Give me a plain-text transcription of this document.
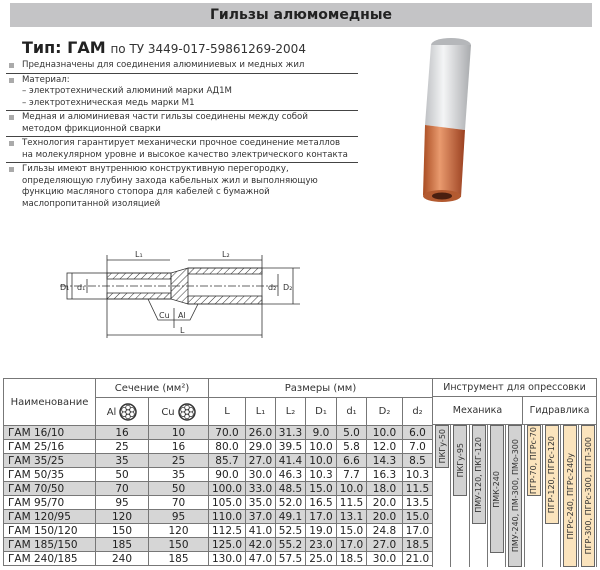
Гильзы алюмомедные
Тип: ГАМ по ТУ 3449-017-59861269-2004
Предназначены для соединения алюминиевых и медных жил
Материал:
– электротехнический алюминий марки АД1М
– электротехническая медь марки М1
Медная и алюминиевая части гильзы соединены между собой
методом фрикционной сварки
Технология гарантирует механически прочное соединение металлов
на молекулярном уровне и высокое качество электрического контакта
Гильзы имеют внутреннюю конструктивную перегородку,
определяющую глубину захода кабельных жил и выполняющую
функцию масляного стопора для кабелей с бумажной
маслопропитанной изоляцией
L₁	L₂
L
D₁ d₁	d₂ D₂
Cu Al
Наименование	Сечение (мм²)		Размеры (мм)						
	Al	Cu	L	L₁	L₂	D₁	d₁	D₂	d₂
ГАМ 16/10	16	10	70.0	26.0	31.3	9.0	5.0	10.0	6.0
ГАМ 25/16	25	16	80.0	29.0	39.5	10.0	5.8	12.0	7.0
ГАМ 35/25	35	25	85.7	27.0	41.4	10.0	6.6	14.3	8.5
ГАМ 50/35	50	35	90.0	30.0	46.3	10.3	7.7	16.3	10.3
ГАМ 70/50	70	50	100.0	33.0	48.5	15.0	10.0	18.0	11.5
ГАМ 95/70	95	70	105.0	35.0	52.0	16.5	11.5	20.0	13.5
ГАМ 120/95	120	95	110.0	37.0	49.1	17.0	13.1	20.0	15.0
ГАМ 150/120	150	120	112.5	41.0	52.5	19.0	15.0	24.8	17.0
ГАМ 185/150	185	150	125.0	42.0	55.2	23.0	17.0	27.0	18.5
ГАМ 240/185	240	185	130.0	47.0	57.5	25.0	18.5	30.0	21.0
Инструмент для опрессовки
Механика	Гидравлика
ПКГу-50 ПКГу-95 ПМУ-120, ПКГ-120 ПМК-240 ПМУ-240, ПМ-300, ПМо-300 ПГР-70, ПГРс-70 ПГР-120, ПГРс-120 ПГРс-240, ПГРс-240у ПГР-300, ПГРс-300, ПГП-300
